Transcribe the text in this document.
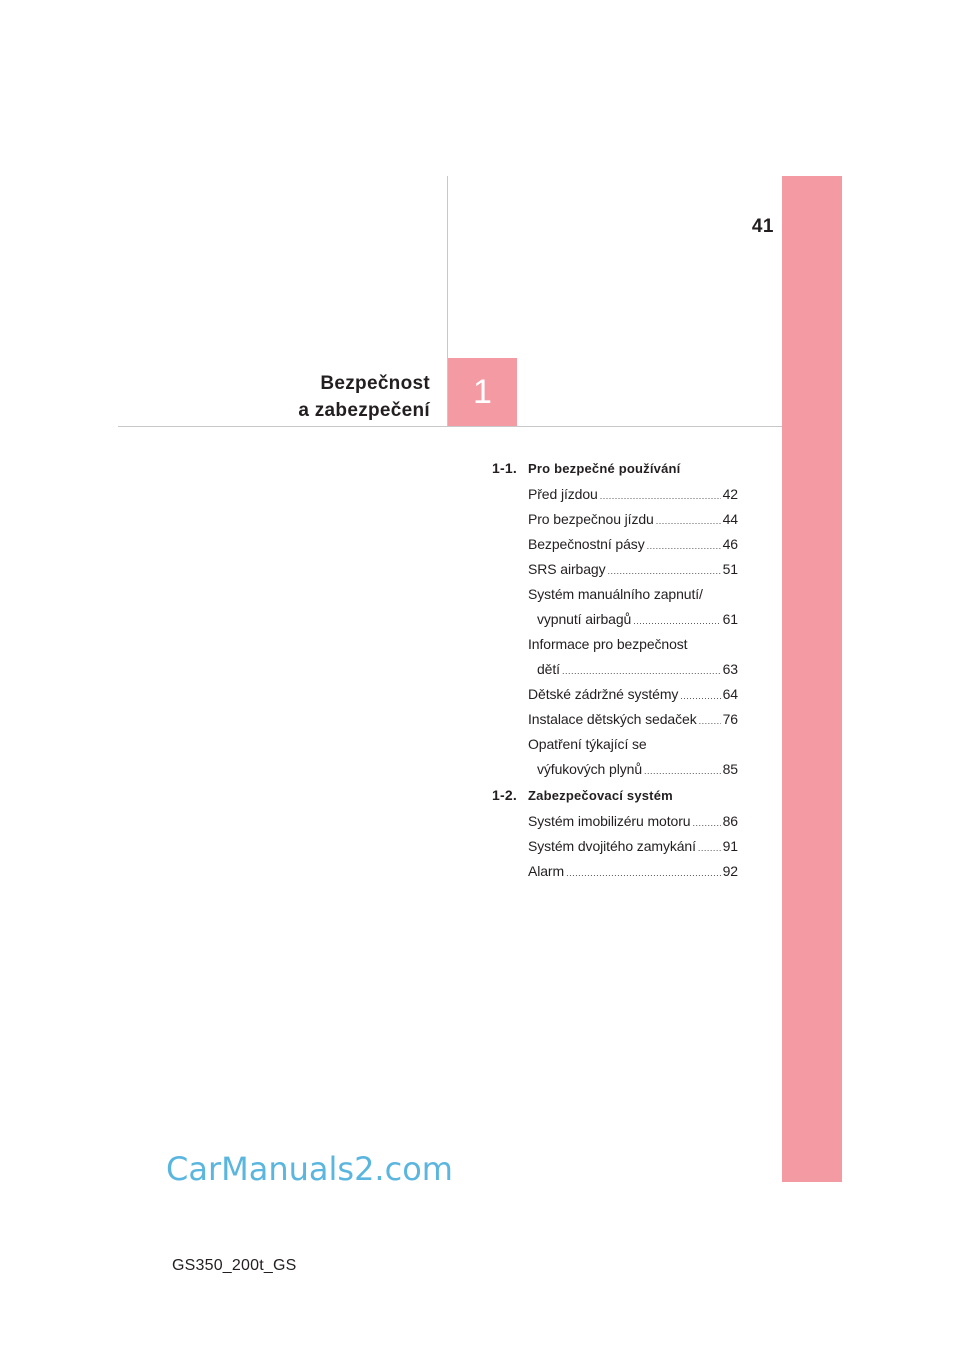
41
Bezpečnost
a zabezpečení	1
1-1. Pro bezpečné používání
Před jízdou .....	42
Pro bezpečnou jízdu .....	44
Bezpečnostní pásy .....	46
SRS airbagy .....	51
Systém manuálního zapnutí/
vypnutí airbagů .....	61
Informace pro bezpečnost
dětí .....	63
Dětské zádržné systémy .....	64
Instalace dětských sedaček ..... 76
Opatření týkající se
výfukových plynů .....	85
1-2. Zabezpečovací systém
Systém imobilizéru motoru ..... 86
Systém dvojitého zamykání ..... 91
Alarm .....	92
CarManuals2.com
GS350_200t_GS
